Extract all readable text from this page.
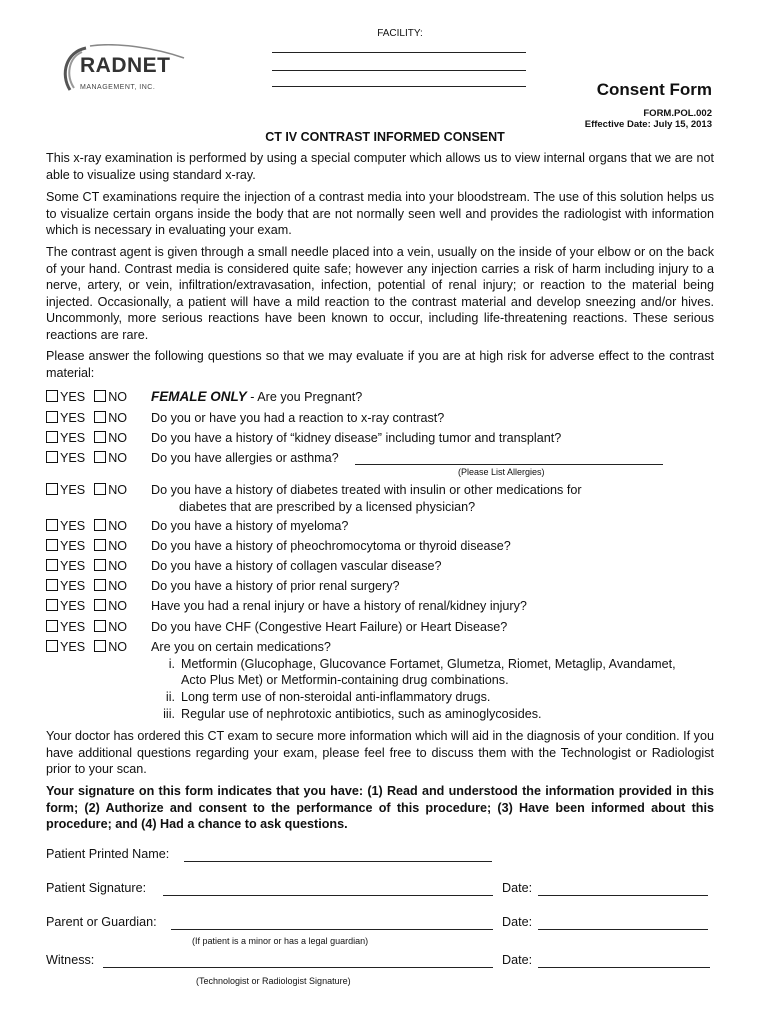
FACILITY:
RADNET
MANAGEMENT, INC.	Consent Form
FORM.POL.002
Effective Date: July 15, 2013
CT IV CONTRAST INFORMED CONSENT
This x-ray examination is performed by using a special computer which allows us to view internal organs that we are not able to visualize using standard x-ray.
Some CT examinations require the injection of a contrast media into your bloodstream. The use of this solution helps us to visualize certain organs inside the body that are not normally seen well and provides the radiologist with information which is necessary in evaluating your exam.
The contrast agent is given through a small needle placed into a vein, usually on the inside of your elbow or on the back of your hand. Contrast media is considered quite safe; however any injection carries a risk of harm including injury to a nerve, artery, or vein, infiltration/extravasation, infection, potential of renal injury; or reaction to the material being injected. Occasionally, a patient will have a mild reaction to the contrast material and develop sneezing and/or hives. Uncommonly, more serious reactions have been known to occur, including life-threatening reactions. These serious reactions are rare.
Please answer the following questions so that we may evaluate if you are at high risk for adverse effect to the contrast material:
YES NO FEMALE ONLY - Are you Pregnant?
YES NO Do you or have you had a reaction to x-ray contrast?
YES NO Do you have a history of “kidney disease” including tumor and transplant?
YES NO Do you have allergies or asthma?
(Please List Allergies)
YES NO Do you have a history of diabetes treated with insulin or other medications for
diabetes that are prescribed by a licensed physician?
YES NO Do you have a history of myeloma?
YES NO Do you have a history of pheochromocytoma or thyroid disease?
YES NO Do you have a history of collagen vascular disease?
YES NO Do you have a history of prior renal surgery?
YES NO Have you had a renal injury or have a history of renal/kidney injury?
YES NO Do you have CHF (Congestive Heart Failure) or Heart Disease?
YES NO Are you on certain medications?
i. Metformin (Glucophage, Glucovance Fortamet, Glumetza, Riomet, Metaglip, Avandamet,
Acto Plus Met) or Metformin-containing drug combinations.
ii. Long term use of non-steroidal anti-inflammatory drugs.
iii. Regular use of nephrotoxic antibiotics, such as aminoglycosides.
Your doctor has ordered this CT exam to secure more information which will aid in the diagnosis of your condition. If you have additional questions regarding your exam, please feel free to discuss them with the Technologist or Radiologist prior to your scan.
Your signature on this form indicates that you have: (1) Read and understood the information provided in this form; (2) Authorize and consent to the performance of this procedure; (3) Have been informed about this procedure; and (4) Had a chance to ask questions.
Patient Printed Name:
Patient Signature:	Date:
Parent or Guardian:	Date:
(If patient is a minor or has a legal guardian)
Witness:	Date:
(Technologist or Radiologist Signature)
